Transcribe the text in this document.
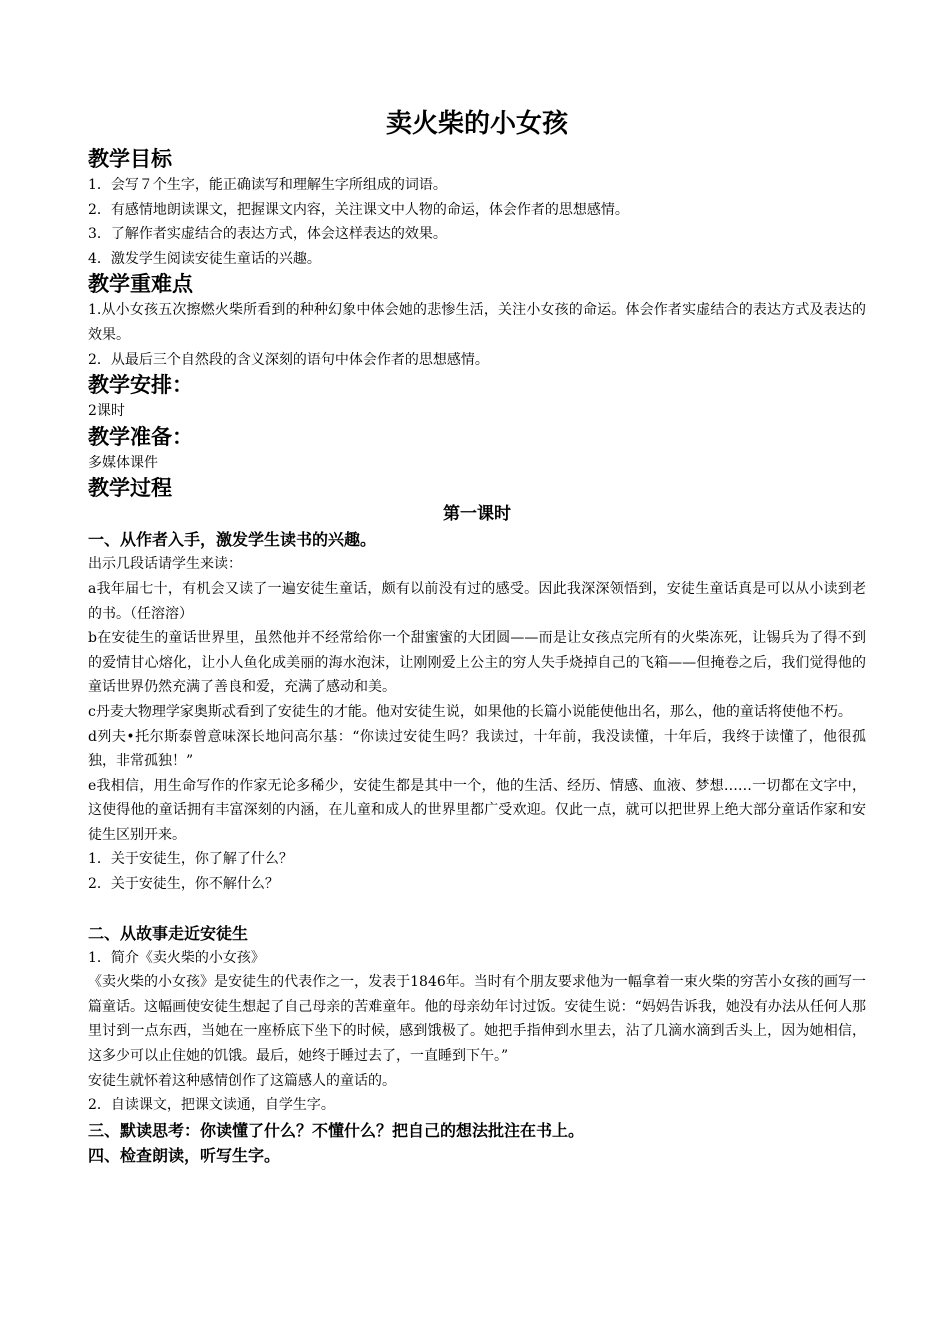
卖火柴的小女孩
教学目标

1．会写７个生字，能正确读写和理解生字所组成的词语。

2．有感情地朗读课文，把握课文内容，关注课文中人物的命运，体会作者的思想感情。

3．了解作者实虚结合的表达方式，体会这样表达的效果。

4．激发学生阅读安徒生童话的兴趣。

教学重难点

1.从小女孩五次擦燃火柴所看到的种种幻象中体会她的悲惨生活，关注小女孩的命运。体会作者实虚结合的表达方式及表达的效果。

2．从最后三个自然段的含义深刻的语句中体会作者的思想感情。

教学安排：

2课时

教学准备：

多媒体课件

教学过程
第一课时
一、从作者入手，激发学生读书的兴趣。

出示几段话请学生来读：

a我年届七十，有机会又读了一遍安徒生童话，颇有以前没有过的感受。因此我深深领悟到，安徒生童话真是可以从小读到老的书。（任溶溶）

b在安徒生的童话世界里，虽然他并不经常给你一个甜蜜蜜的大团圆——而是让女孩点完所有的火柴冻死，让锡兵为了得不到的爱情甘心熔化，让小人鱼化成美丽的海水泡沫，让刚刚爱上公主的穷人失手烧掉自己的飞箱——但掩卷之后，我们觉得他的童话世界仍然充满了善良和爱，充满了感动和美。

c丹麦大物理学家奥斯忒看到了安徒生的才能。他对安徒生说，如果他的长篇小说能使他出名，那么，他的童话将使他不朽。

d列夫•托尔斯泰曾意味深长地问高尔基：“你读过安徒生吗？我读过，十年前，我没读懂，十年后，我终于读懂了，他很孤独，非常孤独！”

e我相信，用生命写作的作家无论多稀少，安徒生都是其中一个，他的生活、经历、情感、血液、梦想……一切都在文字中，这使得他的童话拥有丰富深刻的内涵，在儿童和成人的世界里都广受欢迎。仅此一点，就可以把世界上绝大部分童话作家和安徒生区别开来。

1．关于安徒生，你了解了什么？

2．关于安徒生，你不解什么？

二、从故事走近安徒生

1．简介《卖火柴的小女孩》

《卖火柴的小女孩》是安徒生的代表作之一，发表于1846年。当时有个朋友要求他为一幅拿着一束火柴的穷苦小女孩的画写一篇童话。这幅画使安徒生想起了自己母亲的苦难童年。他的母亲幼年讨过饭。安徒生说：“妈妈告诉我，她没有办法从任何人那里讨到一点东西，当她在一座桥底下坐下的时候，感到饿极了。她把手指伸到水里去，沾了几滴水滴到舌头上，因为她相信，这多少可以止住她的饥饿。最后，她终于睡过去了，一直睡到下午。”

安徒生就怀着这种感情创作了这篇感人的童话的。

2．自读课文，把课文读通，自学生字。

三、默读思考：你读懂了什么？不懂什么？把自己的想法批注在书上。
四、检查朗读，听写生字。
